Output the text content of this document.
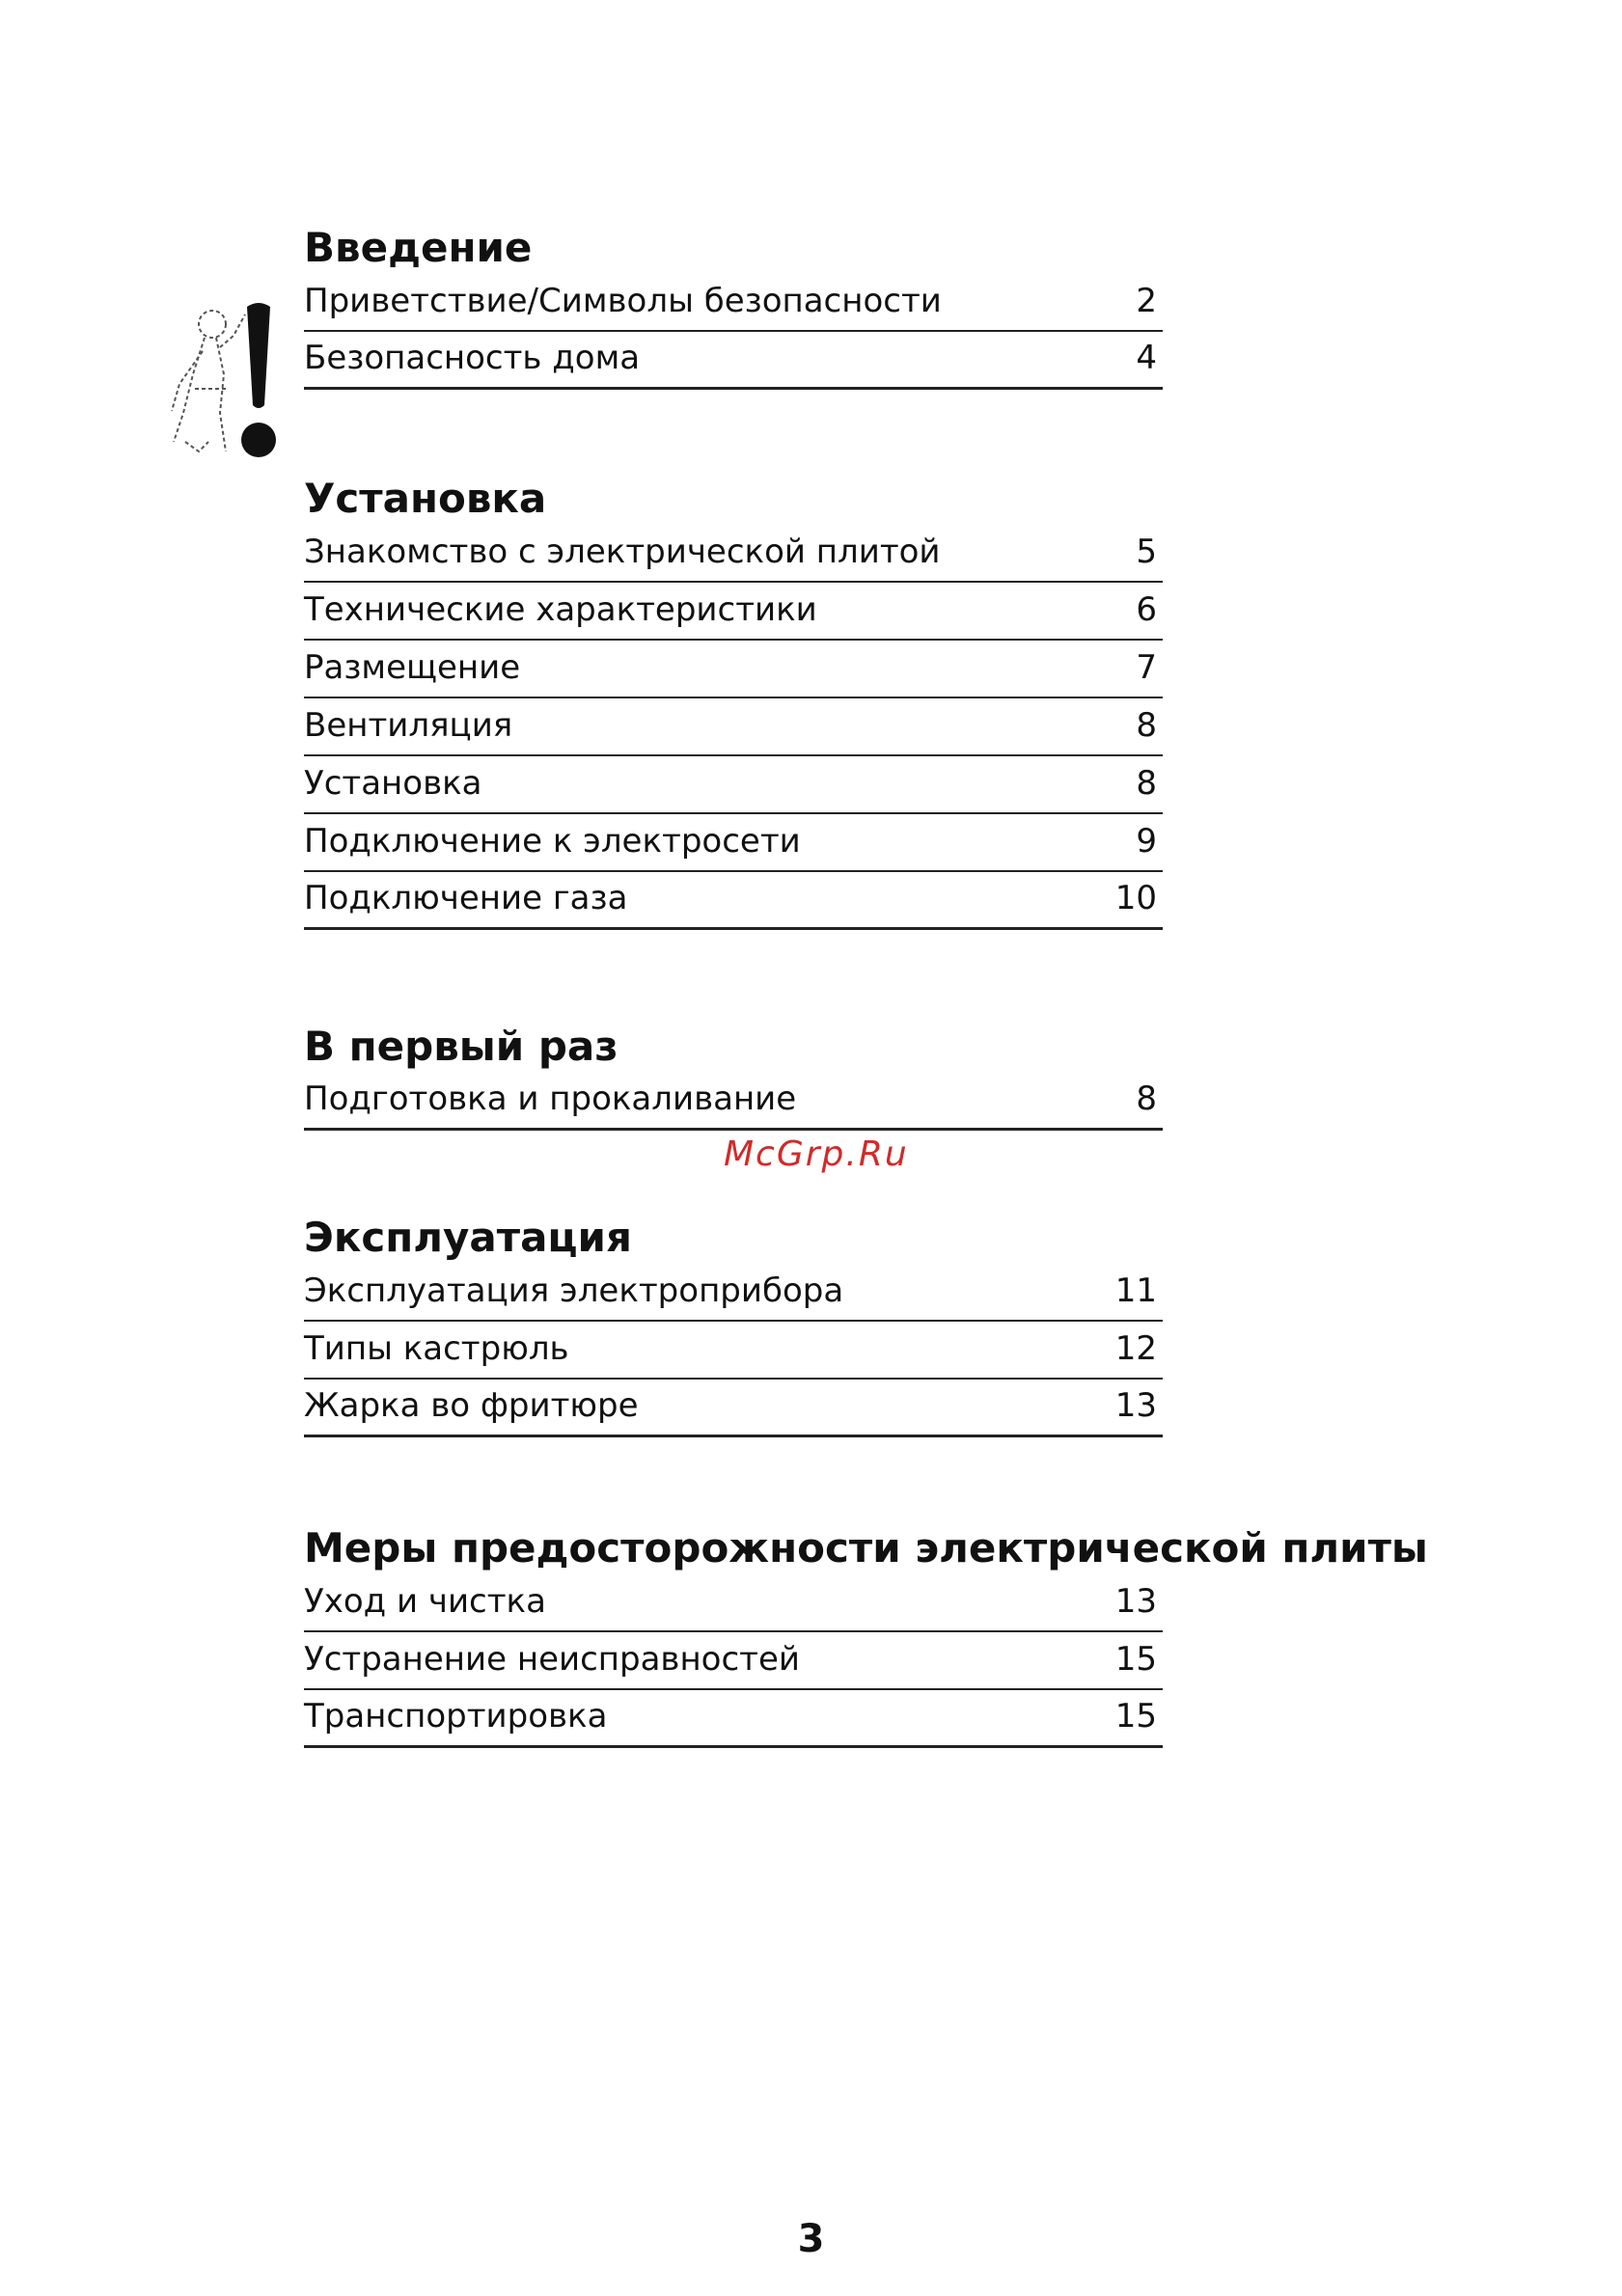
Введение
Приветствие/Символы безопасности	2
Безопасность дома	4
Установка
Знакомство с электрической плитой	5
Технические характеристики	6
Размещение	7
Вентиляция	8
Установка	8
Подключение к электросети	9
Подключение газа	10
В первый раз
Подготовка и прокаливание	8
McGrp.Ru
Эксплуатация
Эксплуатация электроприбора	11
Типы кастрюль	12
Жарка во фритюре	13
Меры предосторожности электрической плиты
Уход и чистка	13
Устранение неисправностей	15
Транспортировка	15
3
